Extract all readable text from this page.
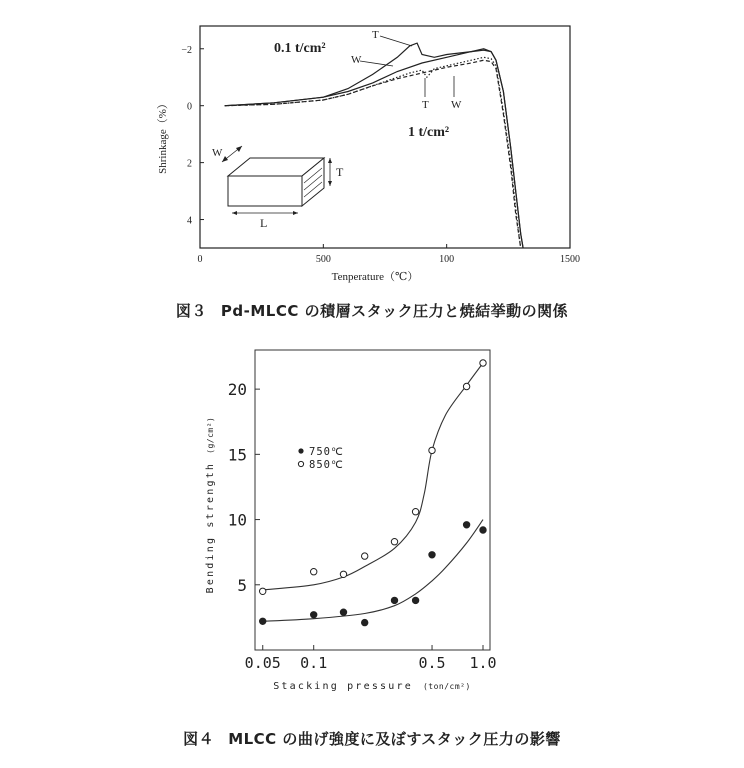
0	500	100	1500
−2
0
2
4
Tenperature（℃）
Shrinkage（%）
0.1 t/cm²
T
W
T W
1 t/cm²
W
T
L
図３ Pd-MLCC の積層スタック圧力と焼結挙動の関係
0.05 0.1	0.5 1.0
5
10
15
20
750℃
850℃
Stacking pressure (ton/cm²)
Bending strength(g/cm²)
図４ MLCC の曲げ強度に及ぼすスタック圧力の影響
